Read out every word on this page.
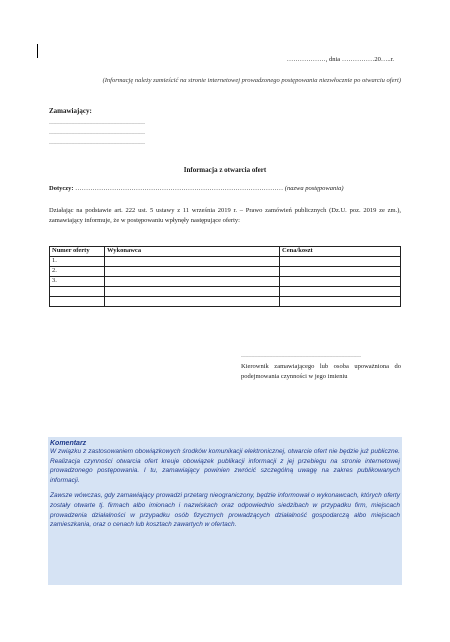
………………, dnia ……………20…..r.
(Informację należy zamieścić na stronie internetowej prowadzonego postępowania niezwłocznie po otwarciu ofert)
Zamawiający:
…………………………………………
…………………………………………
…………………………………………
Informacja z otwarcia ofert
Dotyczy: …………………………………………………………………………………… (nazwa postępowania)
Działając na podstawie art. 222 ust. 5 ustawy z 11 września 2019 r. – Prawo zamówień publicznych (Dz.U. poz. 2019 ze zm.), zamawiający informuje, że w postępowaniu wpłynęły następujące oferty:
Numer oferty	Wykonawca	Cena/koszt
1.		
2.		
3.		

……………………………………………………
Kierownik zamawiającego lub osoba upoważniona do podejmowania czynności w jego imieniu
Komentarz

W związku z zastosowaniem obowiązkowych środków komunikacji elektronicznej, otwarcie ofert nie będzie już publiczne. Realizacja czynności otwarcia ofert kreuje obowiązek publikacji informacji z jej przebiegu na stronie internetowej prowadzonego postępowania. I tu, zamawiający powinien zwrócić szczególną uwagę na zakres publikowanych informacji.

Zawsze wówczas, gdy zamawiający prowadzi przetarg nieograniczony, będzie informował o wykonawcach, których oferty zostały otwarte tj. firmach albo imionach i nazwiskach oraz odpowiednio siedzibach w przypadku firm, miejscach prowadzenia działalności w przypadku osób fizycznych prowadzących działalność gospodarczą albo miejscach zamieszkania, oraz o cenach lub kosztach zawartych w ofertach.
